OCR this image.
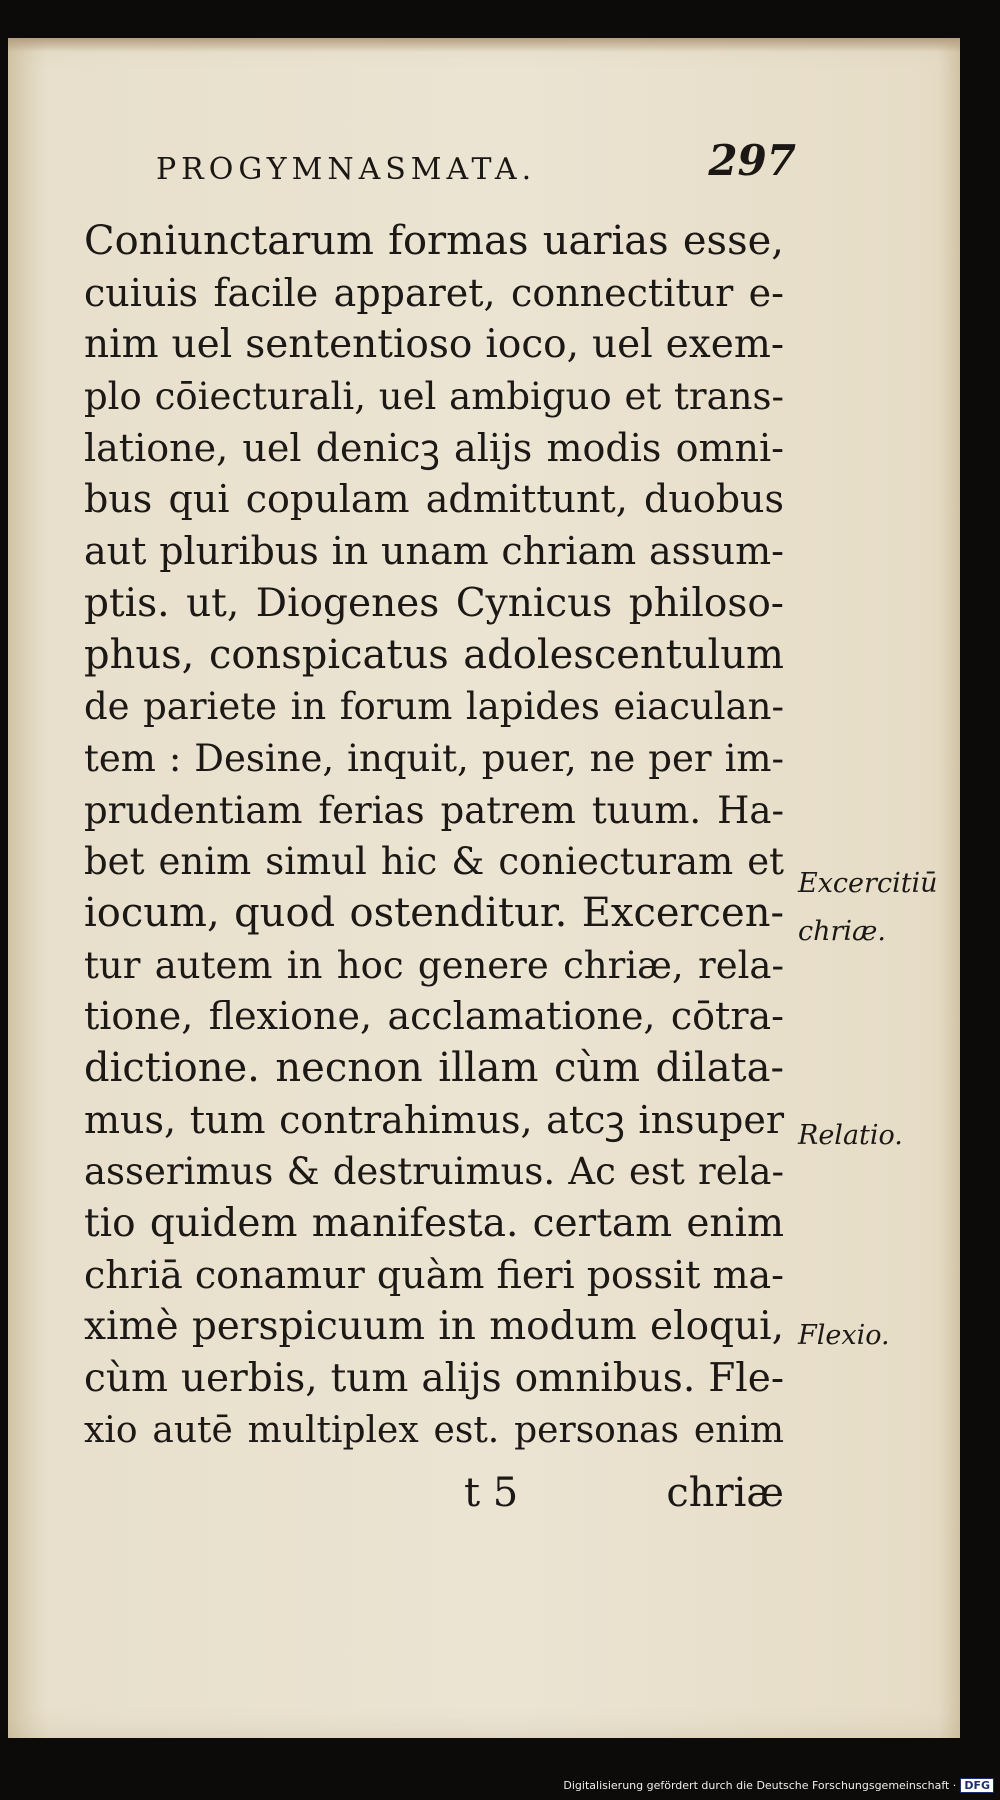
PROGYMNASMATA.	297
Coniunctarum formas uarias esse,
cuiuis facile apparet, connectitur e-
nim uel sententioso ioco, uel exem-
plo cōiecturali, uel ambiguo et trans-
latione, uel denicꝫ alijs modis omni-
bus qui copulam admittunt, duobus
aut pluribus in unam chriam assum-
ptis. ut, Diogenes Cynicus philoso-
phus, conspicatus adolescentulum
de pariete in forum lapides eiaculan-
tem : Desine, inquit, puer, ne per im-
prudentiam ferias patrem tuum. Ha-
bet enim simul hic & coniecturam et
iocum, quod ostenditur. Excercen-
tur autem in hoc genere chriæ, rela-
tione, flexione, acclamatione, cōtra-
dictione. necnon illam cùm dilata-
mus, tum contrahimus, atcꝫ insuper
asserimus & destruimus. Ac est rela-
tio quidem manifesta. certam enim
chriā conamur quàm fieri possit ma-
ximè perspicuum in modum eloqui,
cùm uerbis, tum alijs omnibus. Fle-
xio autē multiplex est. personas enim
Excercitiū
chriæ.
Relatio.
Flexio.
t 5	chriæ
Digitalisierung gefördert durch die Deutsche Forschungsgemeinschaft · DFG
